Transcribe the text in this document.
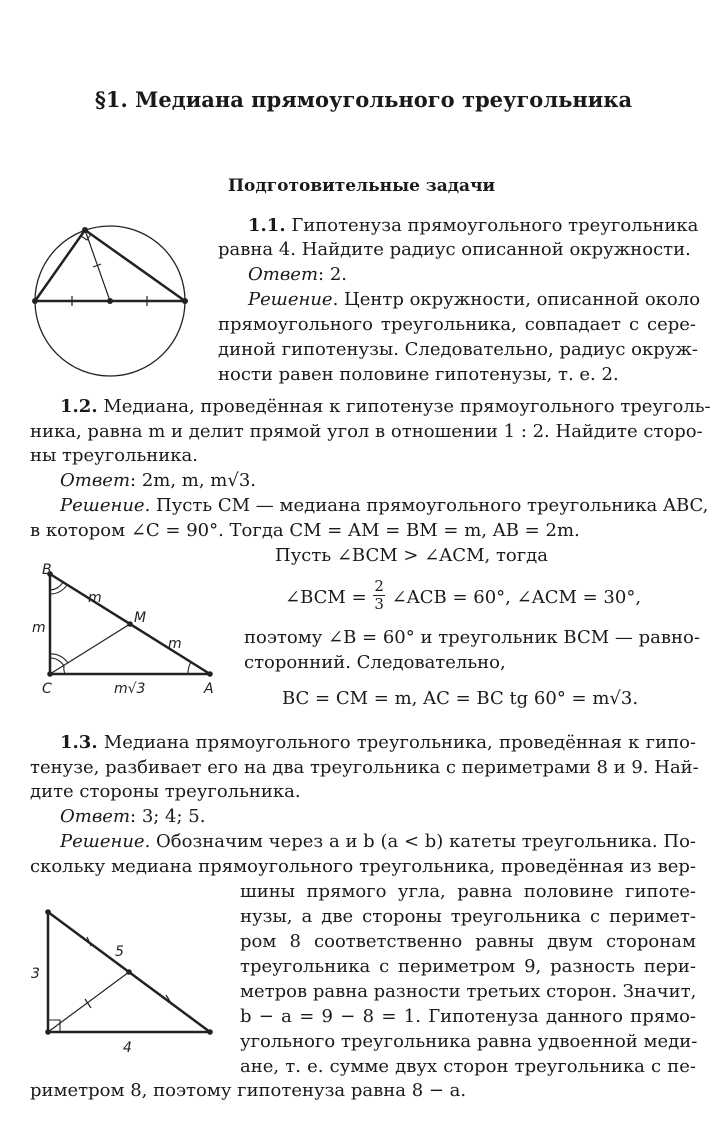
§1. Медиана прямоугольного треугольника
Подготовительные задачи
1.1. Гипотенуза прямоугольного треугольника
равна 4. Найдите радиус описанной окружности.
Ответ: 2.
Решение. Центр окружности, описанной около
прямоугольного треугольника, совпадает с сере-
диной гипотенузы. Следовательно, радиус окруж-
ности равен половине гипотенузы, т. е. 2.
1.2. Медиана, проведённая к гипотенузе прямоугольного треуголь-
ника, равна m и делит прямой угол в отношении 1 : 2. Найдите сторо-
ны треугольника.
Ответ: 2m, m, m√3.
Решение. Пусть CM — медиана прямоугольного треугольника ABC,
в котором ∠C = 90°. Тогда CM = AM = BM = m, AB = 2m.
Пусть ∠BCM > ∠ACM, тогда
∠BCM = $\frac{2}{3}$ ∠ACB = 60°, ∠ACM = 30°,
поэтому ∠B = 60° и треугольник BCM — равно-
сторонний. Следовательно,
BC = CM = m, AC = BC tg 60° = m√3.
B
C	A
M
m
m
m
m√3
1.3. Медиана прямоугольного треугольника, проведённая к гипо-
тенузе, разбивает его на два треугольника с периметрами 8 и 9. Най-
дите стороны треугольника.
Ответ: 3; 4; 5.
Решение. Обозначим через a и b (a < b) катеты треугольника. По-
скольку медиана прямоугольного треугольника, проведённая из вер-
шины прямого угла, равна половине гипоте-
нузы, а две стороны треугольника с перимет-
ром 8 соответственно равны двум сторонам
треугольника с периметром 9, разность пери-
метров равна разности третьих сторон. Значит,
b − a = 9 − 8 = 1. Гипотенуза данного прямо-
угольного треугольника равна удвоенной меди-
ане, т. е. сумме двух сторон треугольника с пе-
риметром 8, поэтому гипотенуза равна 8 − a.
3
4
5
